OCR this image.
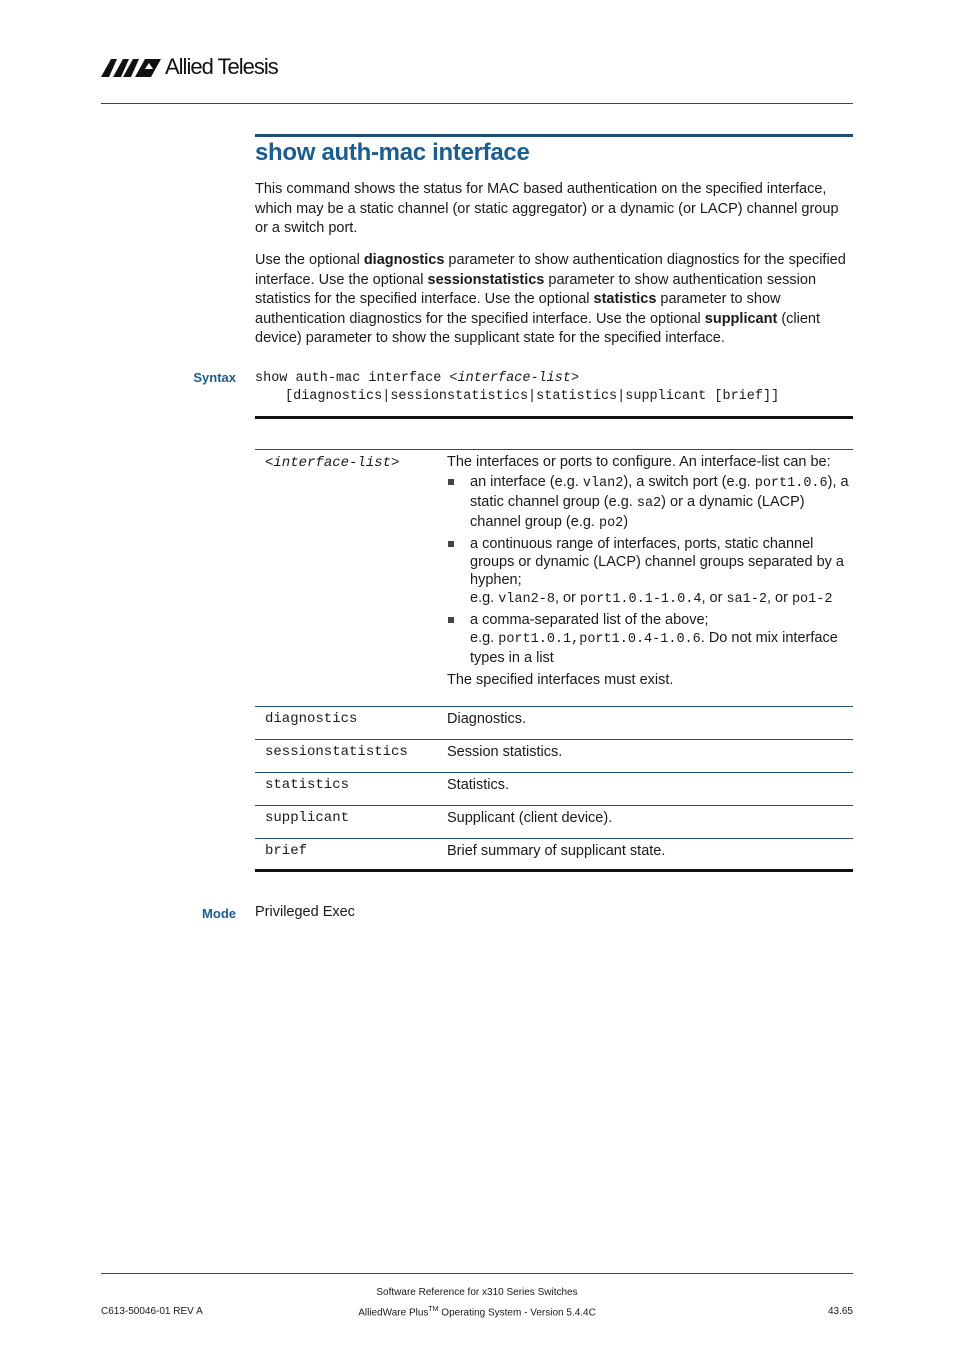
Allied Telesis
show auth-mac interface

This command shows the status for MAC based authentication on the specified interface, which may be a static channel (or static aggregator) or a dynamic (or LACP) channel group or a switch port.

Use the optional diagnostics parameter to show authentication diagnostics for the specified interface. Use the optional sessionstatistics parameter to show authentication session statistics for the specified interface. Use the optional statistics parameter to show authentication diagnostics for the specified interface. Use the optional supplicant (client device) parameter to show the supplicant state for the specified interface.

Syntax show auth-mac interface <interface-list>
[diagnostics|sessionstatistics|statistics|supplicant [brief]]
<interface-list>	The interfaces or ports to configure. An interface-list can be:
an interface (e.g. vlan2), a switch port (e.g. port1.0.6), a static channel group (e.g. sa2) or a dynamic (LACP) channel group (e.g. po2)
a continuous range of interfaces, ports, static channel groups or dynamic (LACP) channel groups separated by a hyphen;
e.g. vlan2-8, or port1.0.1-1.0.4, or sa1-2, or po1-2
a comma-separated list of the above;
e.g. port1.0.1,port1.0.4-1.0.6. Do not mix interface types in a list
The specified interfaces must exist.
diagnostics	Diagnostics.
sessionstatistics	Session statistics.
statistics	Statistics.
supplicant	Supplicant (client device).
brief	Brief summary of supplicant state.
Mode Privileged Exec
Software Reference for x310 Series Switches
AlliedWare Plus™ Operating System - Version 5.4.4C
C613-50046-01 REV A	43.65
